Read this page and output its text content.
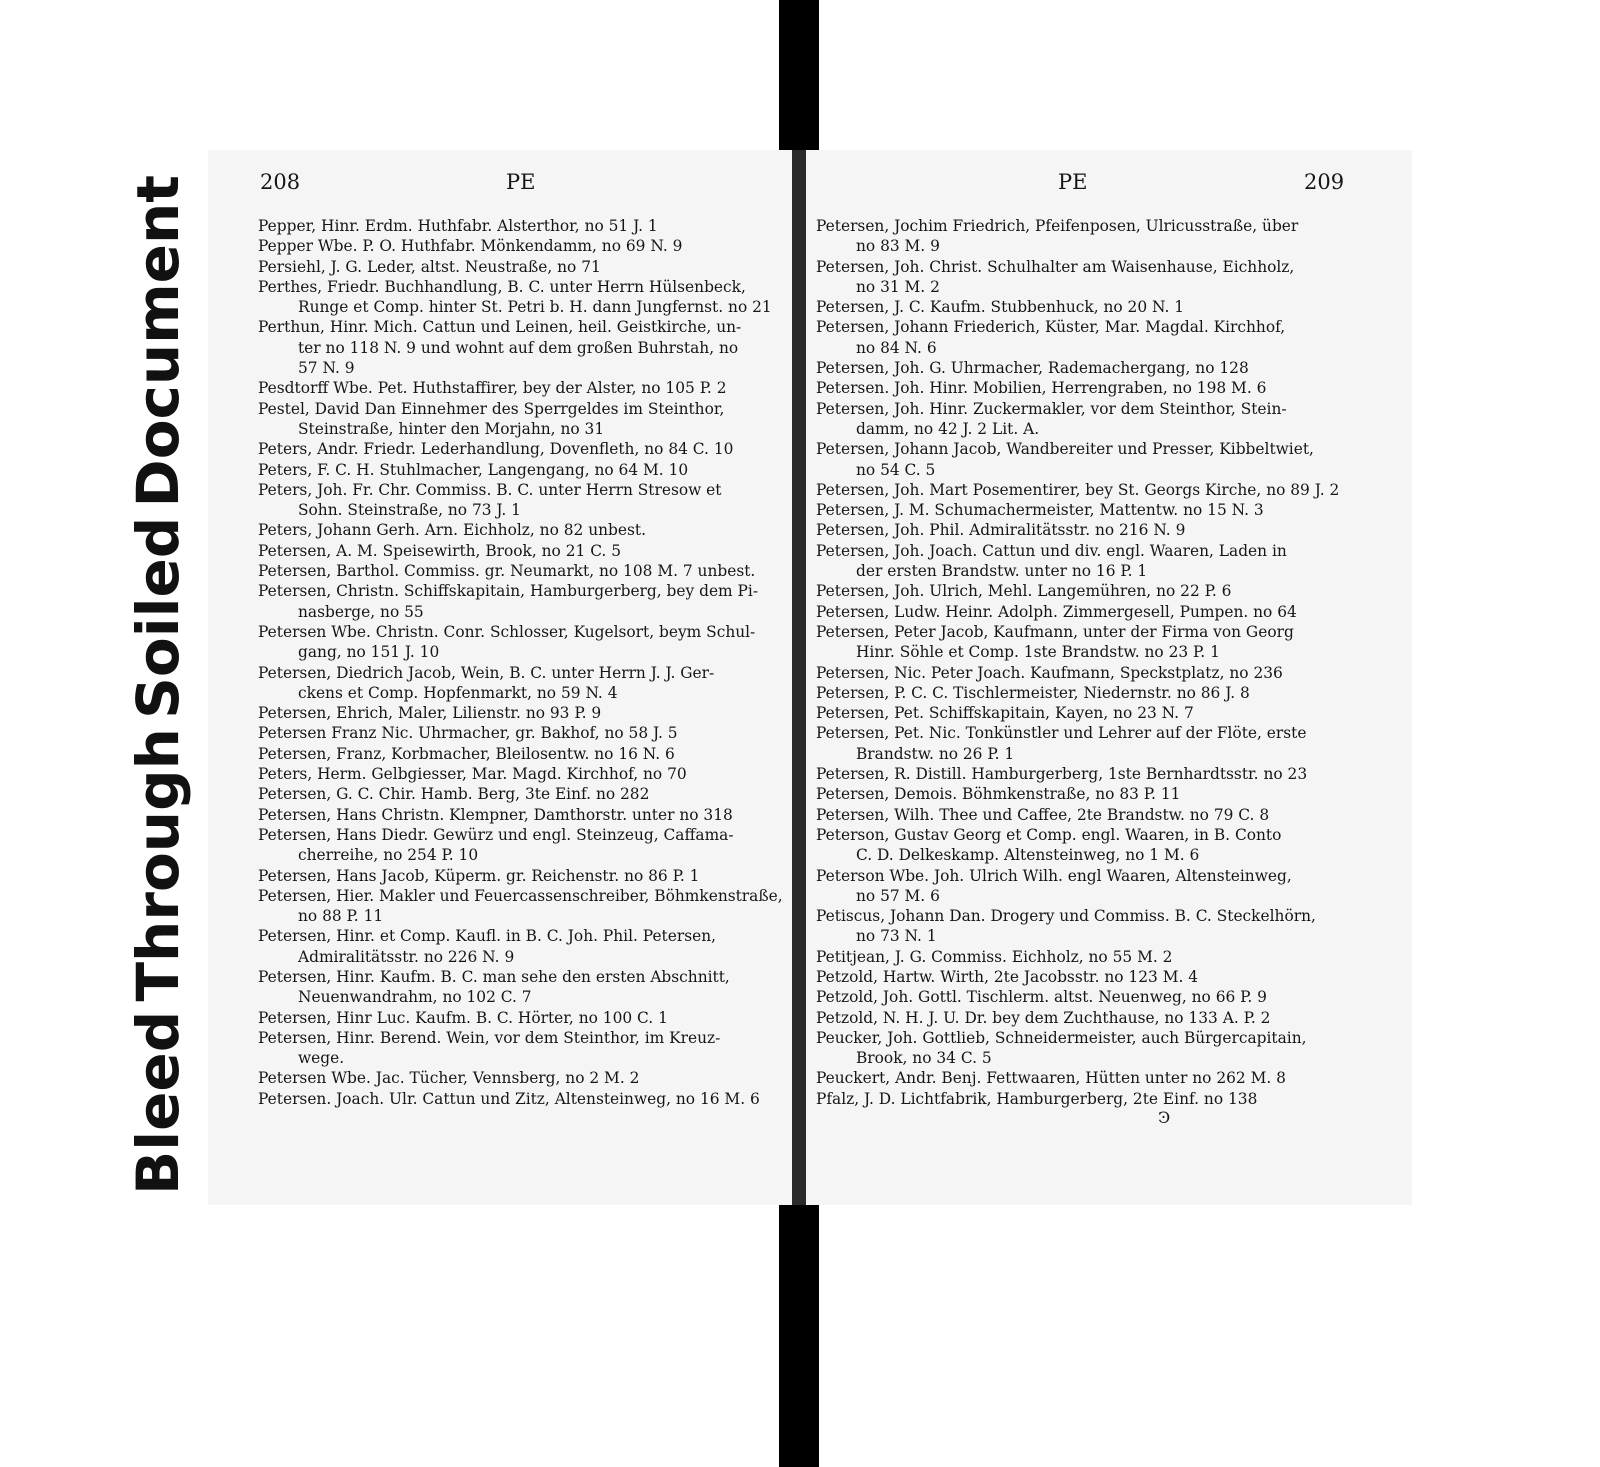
Bleed
Through
Soiled
Document	208	PE
Pepper, Hinr. Erdm. Huthfabr. Alsterthor, no 51 J. 1
Pepper Wbe. P. O. Huthfabr. Mönkendamm, no 69 N. 9
Persiehl, J. G. Leder, altst. Neustraße, no 71
Perthes, Friedr. Buchhandlung, B. C. unter Herrn Hülsenbeck,
Runge et Comp. hinter St. Petri b. H. dann Jungfernst. no 21
Perthun, Hinr. Mich. Cattun und Leinen, heil. Geistkirche, un-
ter no 118 N. 9 und wohnt auf dem großen Buhrstah, no
57 N. 9
Pesdtorff Wbe. Pet. Huthstaffirer, bey der Alster, no 105 P. 2
Pestel, David Dan Einnehmer des Sperrgeldes im Steinthor,
Steinstraße, hinter den Morjahn, no 31
Peters, Andr. Friedr. Lederhandlung, Dovenfleth, no 84 C. 10
Peters, F. C. H. Stuhlmacher, Langengang, no 64 M. 10
Peters, Joh. Fr. Chr. Commiss. B. C. unter Herrn Stresow et
Sohn. Steinstraße, no 73 J. 1
Peters, Johann Gerh. Arn. Eichholz, no 82 unbest.
Petersen, A. M. Speisewirth, Brook, no 21 C. 5
Petersen, Barthol. Commiss. gr. Neumarkt, no 108 M. 7 unbest.
Petersen, Christn. Schiffskapitain, Hamburgerberg, bey dem Pi-
nasberge, no 55
Petersen Wbe. Christn. Conr. Schlosser, Kugelsort, beym Schul-
gang, no 151 J. 10
Petersen, Diedrich Jacob, Wein, B. C. unter Herrn J. J. Ger-
ckens et Comp. Hopfenmarkt, no 59 N. 4
Petersen, Ehrich, Maler, Lilienstr. no 93 P. 9
Petersen Franz Nic. Uhrmacher, gr. Bakhof, no 58 J. 5
Petersen, Franz, Korbmacher, Bleilosentw. no 16 N. 6
Peters, Herm. Gelbgiesser, Mar. Magd. Kirchhof, no 70
Petersen, G. C. Chir. Hamb. Berg, 3te Einf. no 282
Petersen, Hans Christn. Klempner, Damthorstr. unter no 318
Petersen, Hans Diedr. Gewürz und engl. Steinzeug, Caffama-
cherreihe, no 254 P. 10
Petersen, Hans Jacob, Küperm. gr. Reichenstr. no 86 P. 1
Petersen, Hier. Makler und Feuercassenschreiber, Böhmkenstraße,
no 88 P. 11
Petersen, Hinr. et Comp. Kaufl. in B. C. Joh. Phil. Petersen,
Admiralitätsstr. no 226 N. 9
Petersen, Hinr. Kaufm. B. C. man sehe den ersten Abschnitt,
Neuenwandrahm, no 102 C. 7
Petersen, Hinr Luc. Kaufm. B. C. Hörter, no 100 C. 1
Petersen, Hinr. Berend. Wein, vor dem Steinthor, im Kreuz-
wege.
Petersen Wbe. Jac. Tücher, Vennsberg, no 2 M. 2
Petersen. Joach. Ulr. Cattun und Zitz, Altensteinweg, no 16 M. 6
PE	209
Petersen, Jochim Friedrich, Pfeifenposen, Ulricusstraße, über
no 83 M. 9
Petersen, Joh. Christ. Schulhalter am Waisenhause, Eichholz,
no 31 M. 2
Petersen, J. C. Kaufm. Stubbenhuck, no 20 N. 1
Petersen, Johann Friederich, Küster, Mar. Magdal. Kirchhof,
no 84 N. 6
Petersen, Joh. G. Uhrmacher, Rademachergang, no 128
Petersen. Joh. Hinr. Mobilien, Herrengraben, no 198 M. 6
Petersen, Joh. Hinr. Zuckermakler, vor dem Steinthor, Stein-
damm, no 42 J. 2 Lit. A.
Petersen, Johann Jacob, Wandbereiter und Presser, Kibbeltwiet,
no 54 C. 5
Petersen, Joh. Mart Posementirer, bey St. Georgs Kirche, no 89 J. 2
Petersen, J. M. Schumachermeister, Mattentw. no 15 N. 3
Petersen, Joh. Phil. Admiralitätsstr. no 216 N. 9
Petersen, Joh. Joach. Cattun und div. engl. Waaren, Laden in
der ersten Brandstw. unter no 16 P. 1
Petersen, Joh. Ulrich, Mehl. Langemühren, no 22 P. 6
Petersen, Ludw. Heinr. Adolph. Zimmergesell, Pumpen. no 64
Petersen, Peter Jacob, Kaufmann, unter der Firma von Georg
Hinr. Söhle et Comp. 1ste Brandstw. no 23 P. 1
Petersen, Nic. Peter Joach. Kaufmann, Speckstplatz, no 236
Petersen, P. C. C. Tischlermeister, Niedernstr. no 86 J. 8
Petersen, Pet. Schiffskapitain, Kayen, no 23 N. 7
Petersen, Pet. Nic. Tonkünstler und Lehrer auf der Flöte, erste
Brandstw. no 26 P. 1
Petersen, R. Distill. Hamburgerberg, 1ste Bernhardtsstr. no 23
Petersen, Demois. Böhmkenstraße, no 83 P. 11
Petersen, Wilh. Thee und Caffee, 2te Brandstw. no 79 C. 8
Peterson, Gustav Georg et Comp. engl. Waaren, in B. Conto
C. D. Delkeskamp. Altensteinweg, no 1 M. 6
Peterson Wbe. Joh. Ulrich Wilh. engl Waaren, Altensteinweg,
no 57 M. 6
Petiscus, Johann Dan. Drogery und Commiss. B. C. Steckelhörn,
no 73 N. 1
Petitjean, J. G. Commiss. Eichholz, no 55 M. 2
Petzold, Hartw. Wirth, 2te Jacobsstr. no 123 M. 4
Petzold, Joh. Gottl. Tischlerm. altst. Neuenweg, no 66 P. 9
Petzold, N. H. J. U. Dr. bey dem Zuchthause, no 133 A. P. 2
Peucker, Joh. Gottlieb, Schneidermeister, auch Bürgercapitain,
Brook, no 34 C. 5
Peuckert, Andr. Benj. Fettwaaren, Hütten unter no 262 M. 8
Pfalz, J. D. Lichtfabrik, Hamburgerberg, 2te Einf. no 138
Ͽ
